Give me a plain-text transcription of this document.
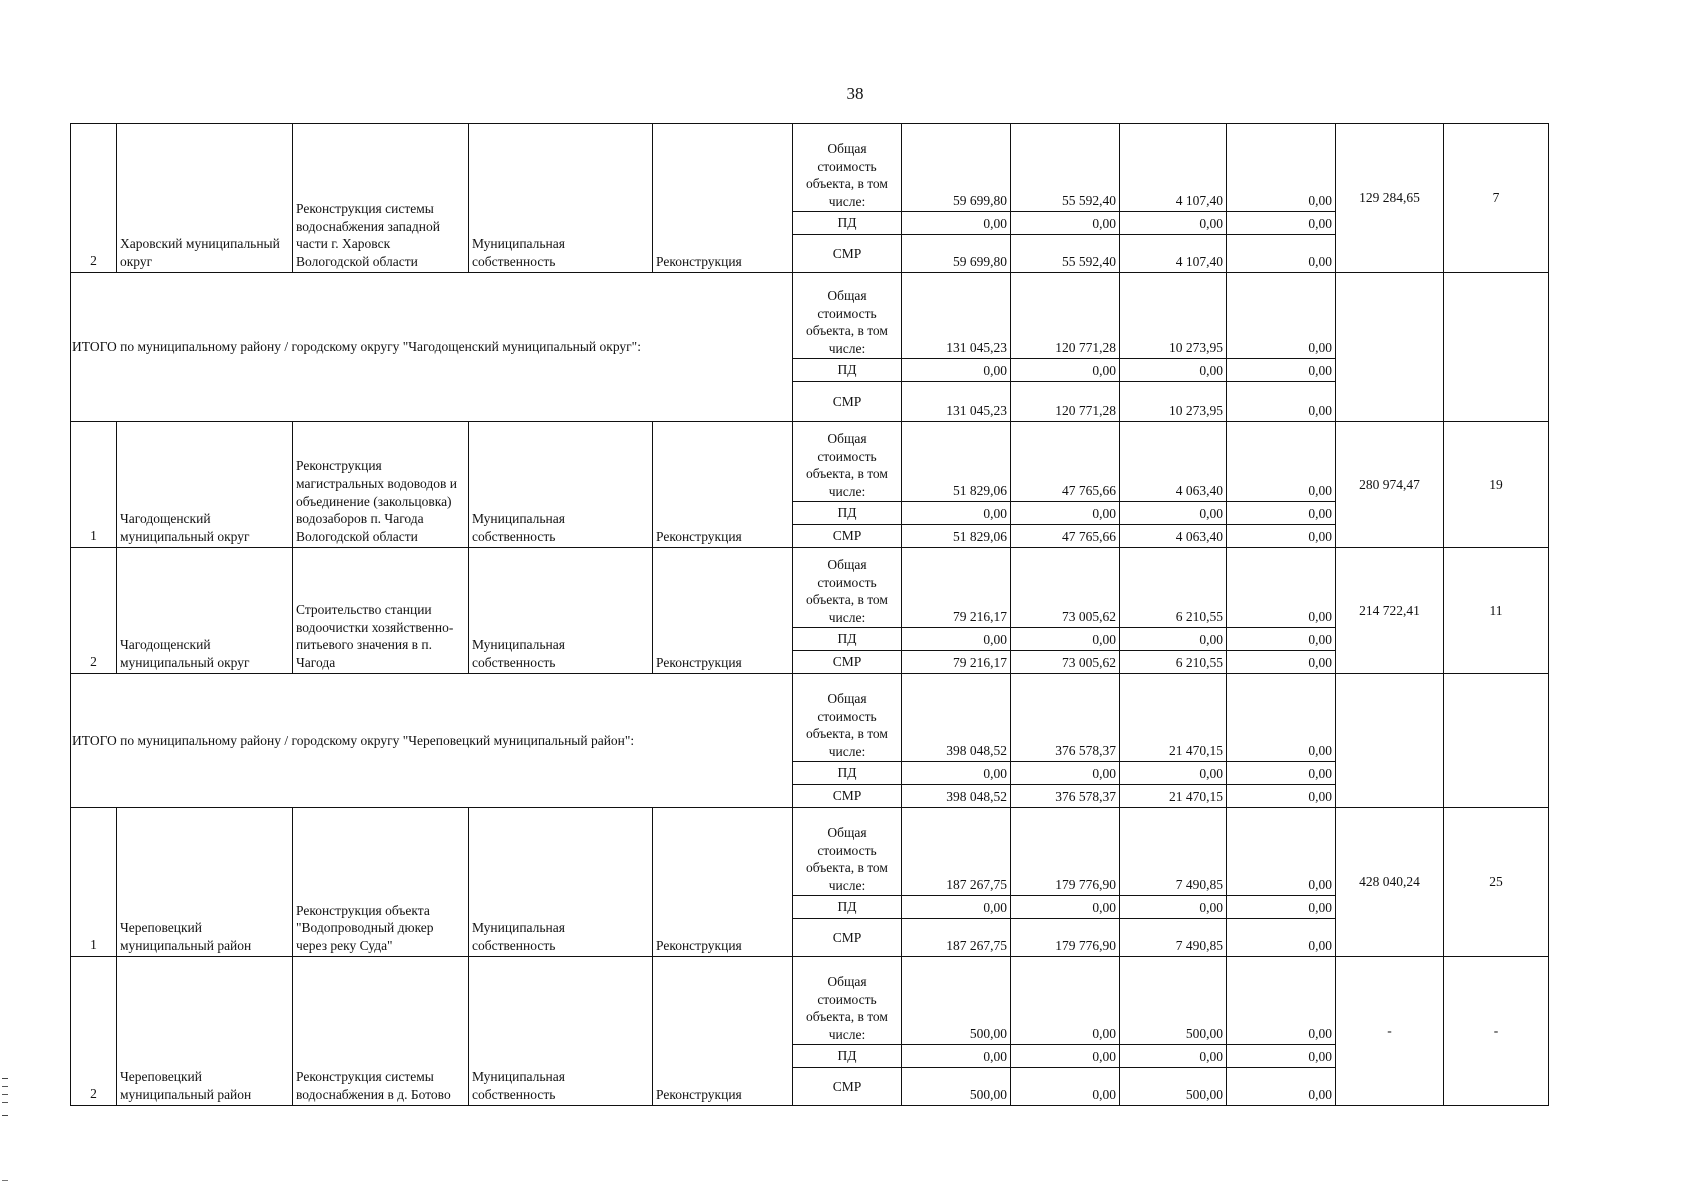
38
2	Харовский муниципальный округ	Реконструкция системы водоснабжения западной части г. Харовск Вологодской области	Муниципальная собственность	Реконструкция	Общая
стоимость
объекта, в том
числе:	59 699,80	55 592,40	4 107,40	0,00	129 284,65	7
					ПД	0,00	0,00	0,00	0,00		
					СМР	59 699,80	55 592,40	4 107,40	0,00		
ИТОГО по муниципальному району / городскому округу "Чагодощенский муниципальный округ":					Общая
стоимость
объекта, в том
числе:	131 045,23	120 771,28	10 273,95	0,00		
					ПД	0,00	0,00	0,00	0,00		
					СМР	131 045,23	120 771,28	10 273,95	0,00		
1	Чагодощенский муниципальный округ	Реконструкция магистральных водоводов и объединение (закольцовка) водозаборов п. Чагода Вологодской области	Муниципальная собственность	Реконструкция	Общая
стоимость
объекта, в том
числе:	51 829,06	47 765,66	4 063,40	0,00	280 974,47	19
					ПД	0,00	0,00	0,00	0,00		
					СМР	51 829,06	47 765,66	4 063,40	0,00		
2	Чагодощенский муниципальный округ	Строительство станции водоочистки хозяйственно-питьевого значения в п. Чагода	Муниципальная собственность	Реконструкция	Общая
стоимость
объекта, в том
числе:	79 216,17	73 005,62	6 210,55	0,00	214 722,41	11
					ПД	0,00	0,00	0,00	0,00		
					СМР	79 216,17	73 005,62	6 210,55	0,00		
ИТОГО по муниципальному району / городскому округу "Череповецкий муниципальный район":					Общая
стоимость
объекта, в том
числе:	398 048,52	376 578,37	21 470,15	0,00		
					ПД	0,00	0,00	0,00	0,00		
					СМР	398 048,52	376 578,37	21 470,15	0,00		
1	Череповецкий муниципальный район	Реконструкция объекта "Водопроводный дюкер через реку Суда"	Муниципальная собственность	Реконструкция	Общая
стоимость
объекта, в том
числе:	187 267,75	179 776,90	7 490,85	0,00	428 040,24	25
					ПД	0,00	0,00	0,00	0,00		
					СМР	187 267,75	179 776,90	7 490,85	0,00		
2	Череповецкий муниципальный район	Реконструкция системы водоснабжения в д. Ботово	Муниципальная собственность	Реконструкция	Общая
стоимость
объекта, в том
числе:	500,00	0,00	500,00	0,00	-	-
					ПД	0,00	0,00	0,00	0,00		
					СМР	500,00	0,00	500,00	0,00		
